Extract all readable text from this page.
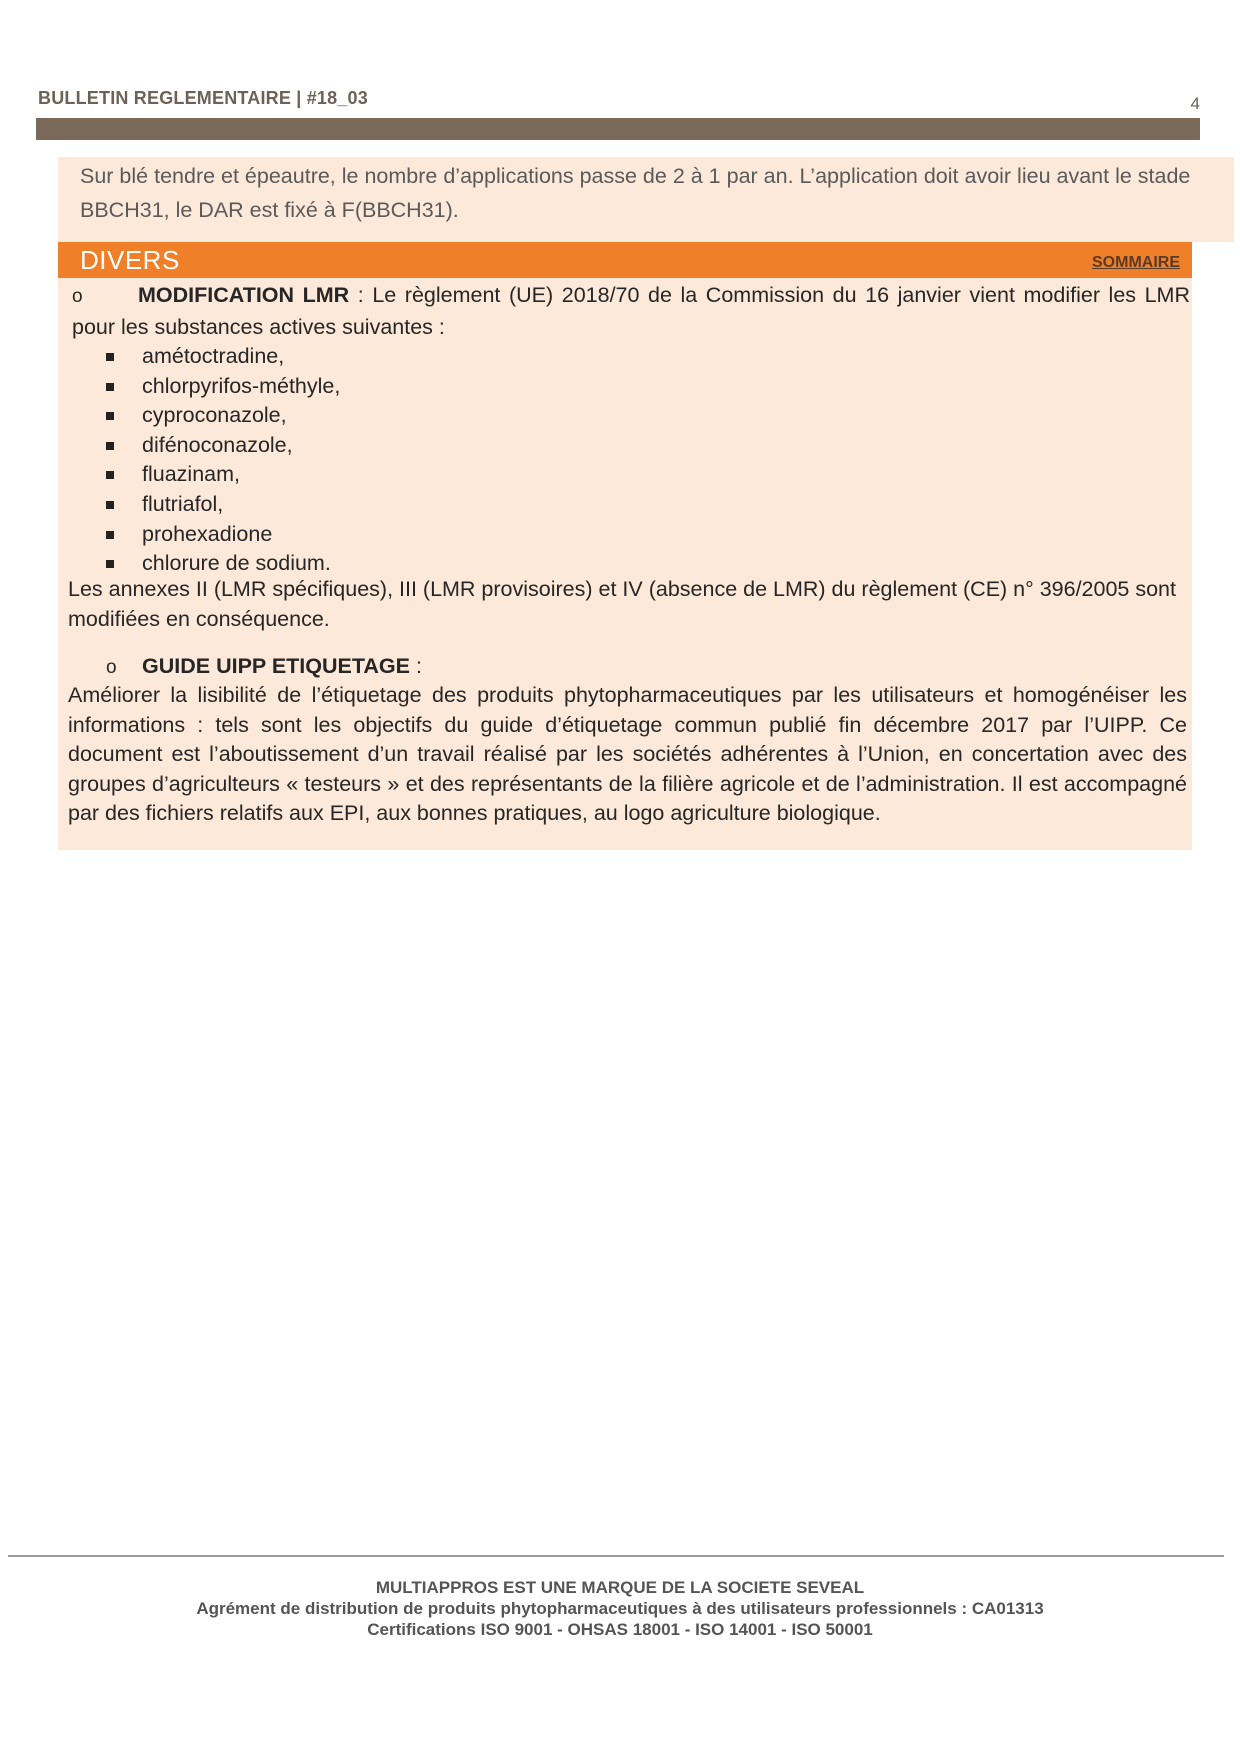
BULLETIN REGLEMENTAIRE | #18_03	4
Sur blé tendre et épeautre, le nombre d’applications passe de 2 à 1 par an. L’application doit avoir lieu avant le stade BBCH31, le DAR est fixé à F(BBCH31).
DIVERS	SOMMAIRE
o	MODIFICATION LMR : Le règlement (UE) 2018/70 de la Commission du 16 janvier vient modifier les LMR pour les substances actives suivantes :
amétoctradine,
chlorpyrifos-méthyle,
cyproconazole,
difénoconazole,
fluazinam,
flutriafol,
prohexadione
chlorure de sodium.
Les annexes II (LMR spécifiques), III (LMR provisoires) et IV (absence de LMR) du règlement (CE) n° 396/2005 sont modifiées en conséquence.
o GUIDE UIPP ETIQUETAGE :
Améliorer la lisibilité de l’étiquetage des produits phytopharmaceutiques par les utilisateurs et homogénéiser les informations : tels sont les objectifs du guide d’étiquetage commun publié fin décembre 2017 par l’UIPP. Ce document est l’aboutissement d’un travail réalisé par les sociétés adhérentes à l’Union, en concertation avec des groupes d’agriculteurs « testeurs » et des représentants de la filière agricole et de l’administration. Il est accompagné par des fichiers relatifs aux EPI, aux bonnes pratiques, au logo agriculture biologique.
MULTIAPPROS EST UNE MARQUE DE LA SOCIETE SEVEAL
Agrément de distribution de produits phytopharmaceutiques à des utilisateurs professionnels : CA01313
Certifications ISO 9001 - OHSAS 18001 - ISO 14001 - ISO 50001
